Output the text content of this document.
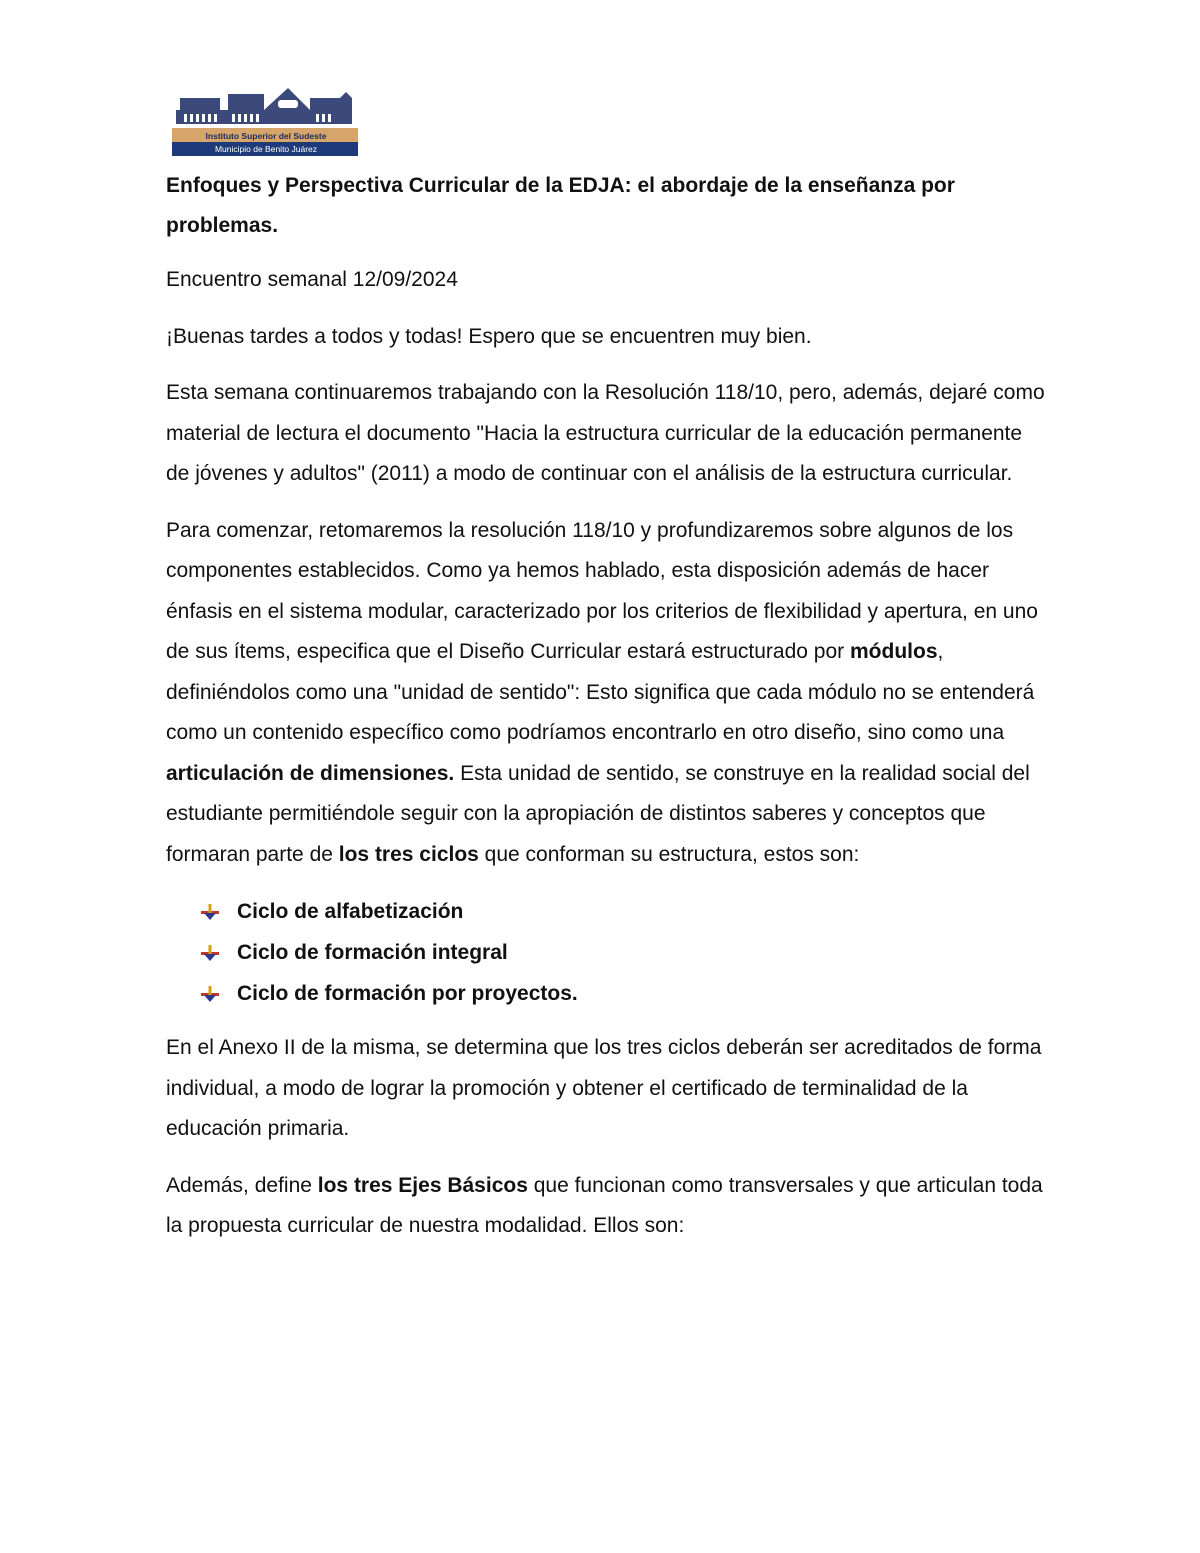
Instituto Superior del Sudeste
Municipio de Benito Juárez
Enfoques y Perspectiva Curricular de la EDJA: el abordaje de la enseñanza por problemas.

Encuentro semanal 12/09/2024

¡Buenas tardes a todos y todas! Espero que se encuentren muy bien.

Esta semana continuaremos trabajando con la Resolución 118/10, pero, además, dejaré como material de lectura el documento "Hacia la estructura curricular de la educación permanente de jóvenes y adultos" (2011) a modo de continuar con el análisis de la estructura curricular.

Para comenzar, retomaremos la resolución 118/10 y profundizaremos sobre algunos de los componentes establecidos. Como ya hemos hablado, esta disposición además de hacer énfasis en el sistema modular, caracterizado por los criterios de flexibilidad y apertura, en uno de sus ítems, especifica que el Diseño Curricular estará estructurado por módulos, definiéndolos como una "unidad de sentido": Esto significa que cada módulo no se entenderá como un contenido específico como podríamos encontrarlo en otro diseño, sino como una articulación de dimensiones. Esta unidad de sentido, se construye en la realidad social del estudiante permitiéndole seguir con la apropiación de distintos saberes y conceptos que formaran parte de los tres ciclos que conforman su estructura, estos son:

Ciclo de alfabetización
Ciclo de formación integral
Ciclo de formación por proyectos.

En el Anexo II de la misma, se determina que los tres ciclos deberán ser acreditados de forma individual, a modo de lograr la promoción y obtener el certificado de terminalidad de la educación primaria.

Además, define los tres Ejes Básicos que funcionan como transversales y que articulan toda la propuesta curricular de nuestra modalidad. Ellos son:
